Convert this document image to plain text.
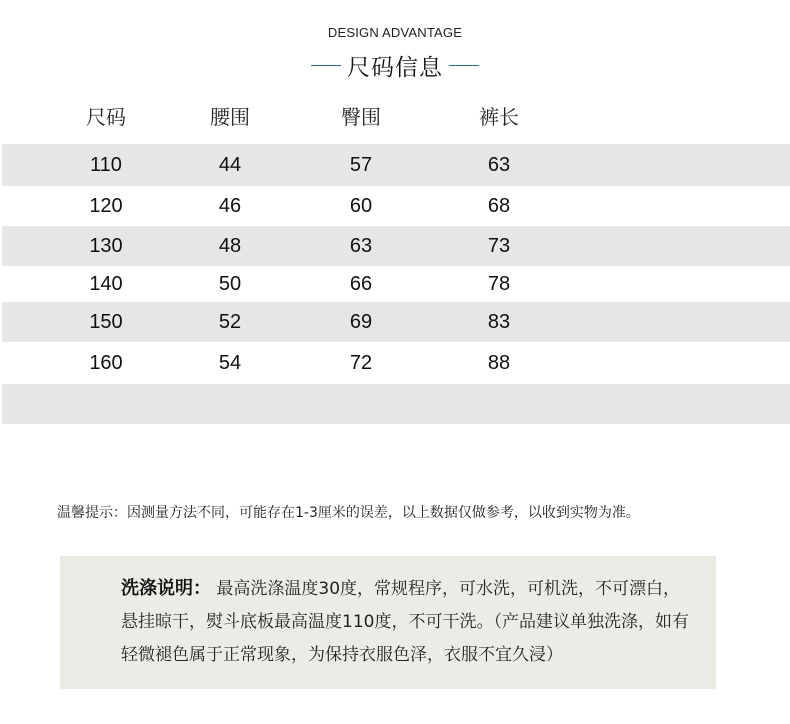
DESIGN ADVANTAGE
尺码信息
尺码	腰围	臀围	裤长
110	44	57	63
120	46	60	68
130	48	63	73
140	50	66	78
150	52	69	83
160	54	72	88
温馨提示：因测量方法不同，可能存在1-3厘米的误差，以上数据仅做参考，以收到实物为准。
洗涤说明： 最高洗涤温度30度，常规程序，可水洗，可机洗，不可漂白，悬挂晾干，熨斗底板最高温度110度，不可干洗。（产品建议单独洗涤，如有轻微褪色属于正常现象，为保持衣服色泽，衣服不宜久浸）
